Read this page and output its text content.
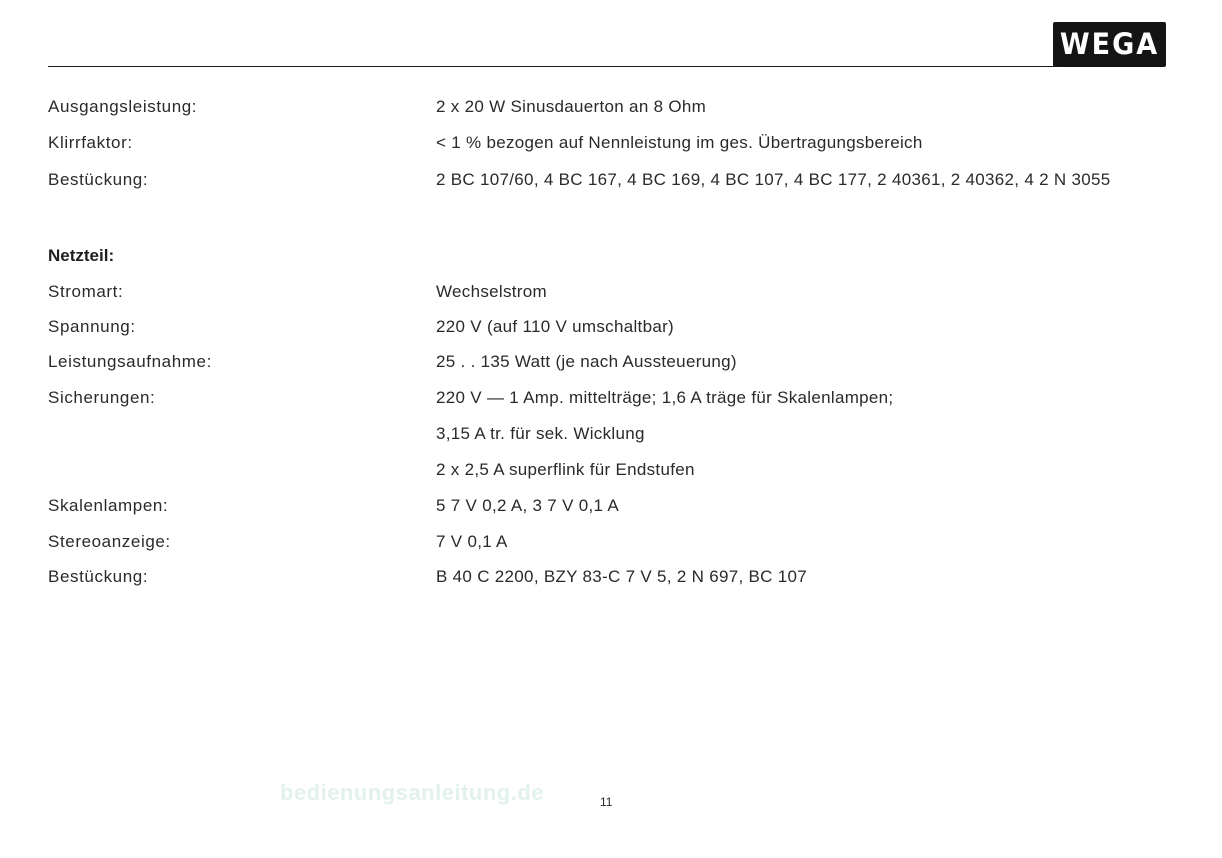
WEGA
Ausgangsleistung:	2 x 20 W Sinusdauerton an 8 Ohm
Klirrfaktor:	< 1 % bezogen auf Nennleistung im ges. Übertragungsbereich
Bestückung:	2 BC 107/60, 4 BC 167, 4 BC 169, 4 BC 107, 4 BC 177, 2 40361, 2 40362, 4 2 N 3055
Netzteil:
Stromart:	Wechselstrom
Spannung:	220 V (auf 110 V umschaltbar)
Leistungsaufnahme:	25 . . 135 Watt (je nach Aussteuerung)
Sicherungen:	220 V — 1 Amp. mittelträge; 1,6 A träge für Skalenlampen;
3,15 A tr. für sek. Wicklung
2 x 2,5 A superflink für Endstufen
Skalenlampen:	5 7 V 0,2 A, 3 7 V 0,1 A
Stereoanzeige:	7 V 0,1 A
Bestückung:	B 40 C 2200, BZY 83-C 7 V 5, 2 N 697, BC 107
bedienungsanleitung.de	11
